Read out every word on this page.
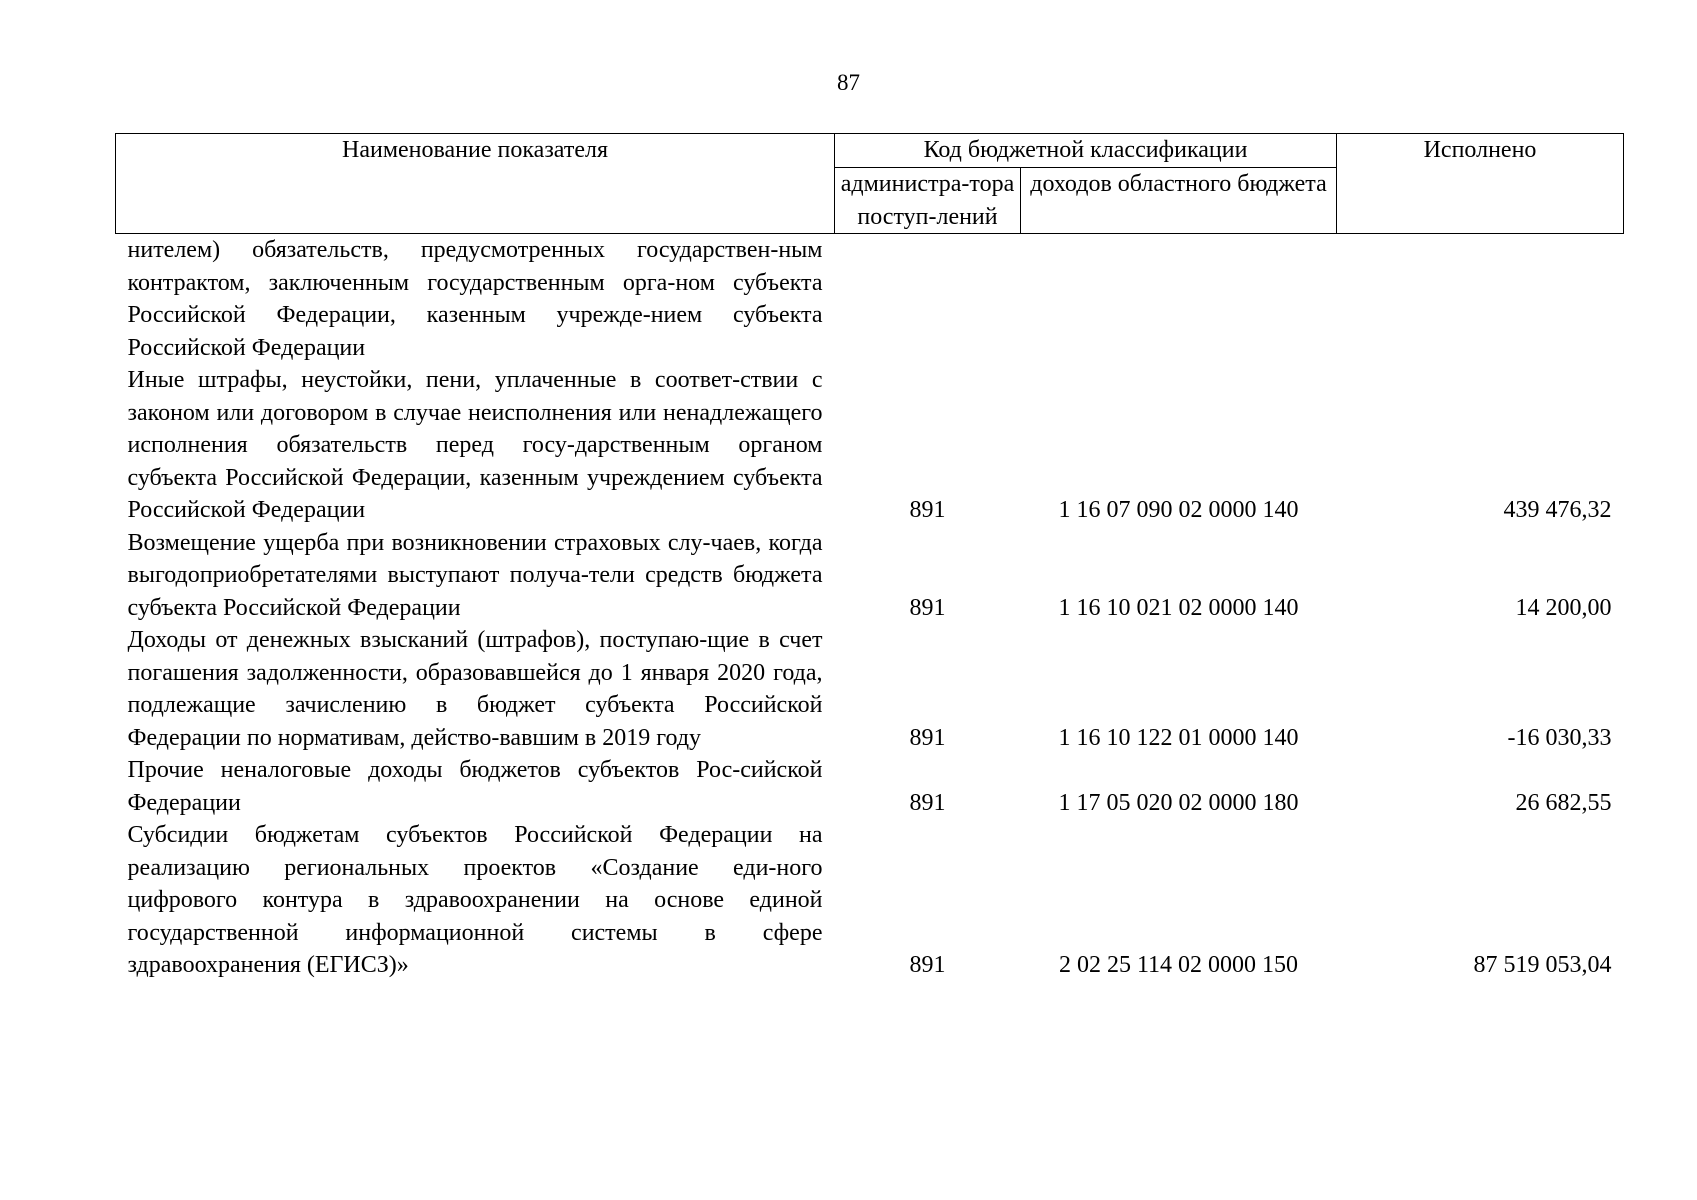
87
Наименование показателя	Код бюджетной классификации		Исполнено
	администра-тора поступ-лений	доходов областного бюджета	
нителем) обязательств, предусмотренных государствен-ным контрактом, заключенным государственным орга-ном субъекта Российской Федерации, казенным учрежде-нием субъекта Российской Федерации			
Иные штрафы, неустойки, пени, уплаченные в соответ-ствии с законом или договором в случае неисполнения или ненадлежащего исполнения обязательств перед госу-дарственным органом субъекта Российской Федерации, казенным учреждением субъекта Российской Федерации	891	1 16 07 090 02 0000 140	439 476,32
Возмещение ущерба при возникновении страховых слу-чаев, когда выгодоприобретателями выступают получа-тели средств бюджета субъекта Российской Федерации	891	1 16 10 021 02 0000 140	14 200,00
Доходы от денежных взысканий (штрафов), поступаю-щие в счет погашения задолженности, образовавшейся до 1 января 2020 года, подлежащие зачислению в бюджет субъекта Российской Федерации по нормативам, действо-вавшим в 2019 году	891	1 16 10 122 01 0000 140	-16 030,33
Прочие неналоговые доходы бюджетов субъектов Рос-сийской Федерации	891	1 17 05 020 02 0000 180	26 682,55
Субсидии бюджетам субъектов Российской Федерации на реализацию региональных проектов «Создание еди-ного цифрового контура в здравоохранении на основе единой государственной информационной системы в сфере здравоохранения (ЕГИСЗ)»	891	2 02 25 114 02 0000 150	87 519 053,04
